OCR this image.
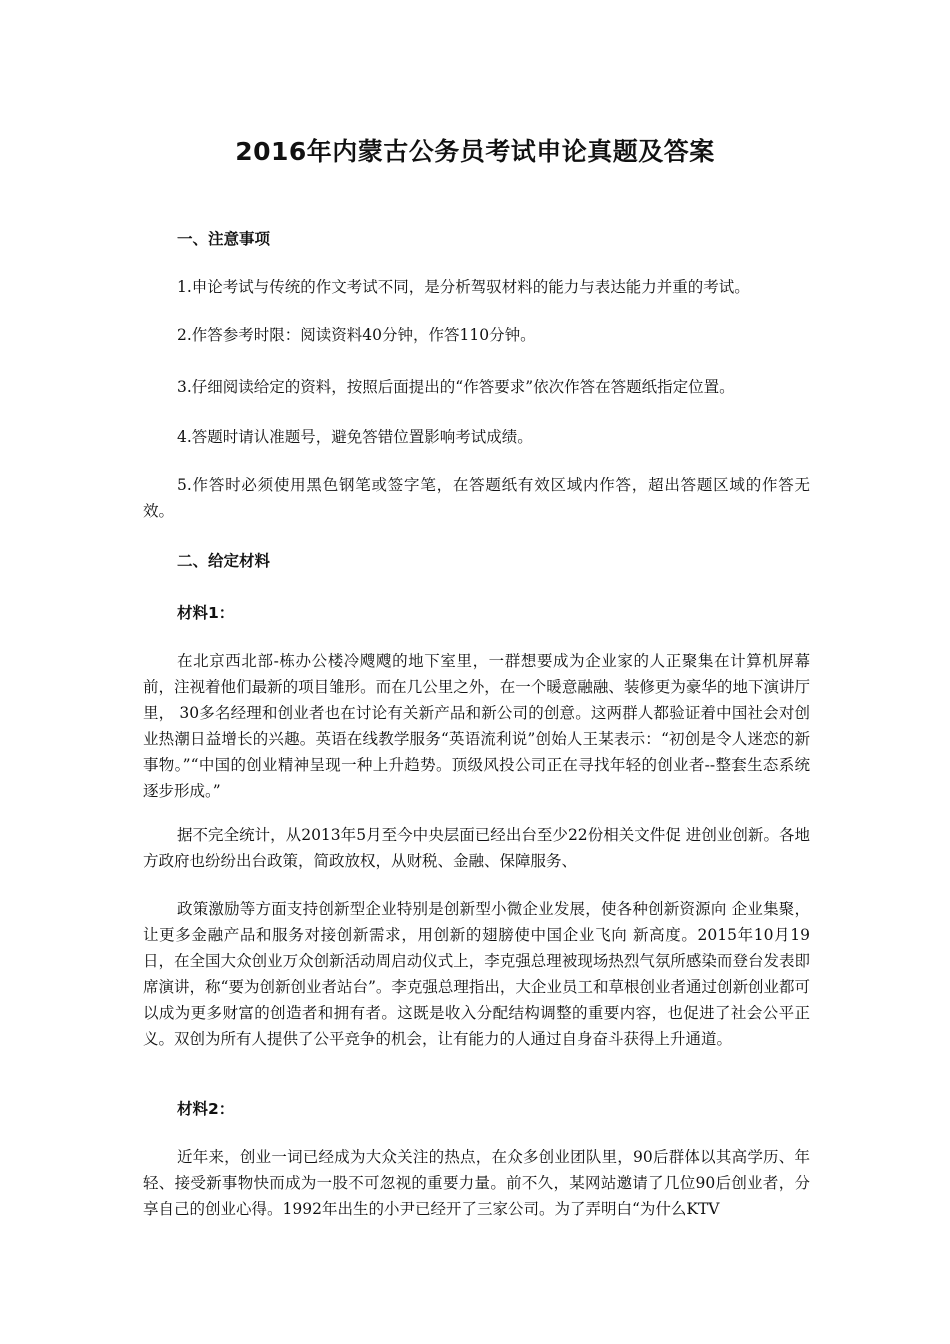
2016年内蒙古公务员考试申论真题及答案
一、注意事项
1.申论考试与传统的作文考试不同，是分析驾驭材料的能力与表达能力并重的考试。
2.作答参考时限：阅读资料40分钟，作答110分钟。
3.仔细阅读给定的资料，按照后面提出的“作答要求”依次作答在答题纸指定位置。
4.答题时请认准题号，避免答错位置影响考试成绩。
5.作答时必须使用黑色钢笔或签字笔，在答题纸有效区域内作答，超出答题区域的作答无效。
二、给定材料
材料1：
在北京西北部-栋办公楼冷飕飕的地下室里，一群想要成为企业家的人正聚集在计算机屏幕前，注视着他们最新的项目雏形。而在几公里之外，在一个暖意融融、装修更为豪华的地下演讲厅里， 30多名经理和创业者也在讨论有关新产品和新公司的创意。这两群人都验证着中国社会对创业热潮日益增长的兴趣。英语在线教学服务“英语流利说”创始人王某表示：“初创是令人迷恋的新事物。”“中国的创业精神呈现一种上升趋势。顶级风投公司正在寻找年轻的创业者--整套生态系统逐步形成。”
据不完全统计，从2013年5月至今中央层面已经出台至少22份相关文件促 进创业创新。各地方政府也纷纷出台政策，简政放权，从财税、金融、保障服务、
政策激励等方面支持创新型企业特别是创新型小微企业发展，使各种创新资源向 企业集聚，让更多金融产品和服务对接创新需求，用创新的翅膀使中国企业飞向 新高度。2015年10月19日，在全国大众创业万众创新活动周启动仪式上，李克强总理被现场热烈气氛所感染而登台发表即席演讲，称“要为创新创业者站台”。李克强总理指出，大企业员工和草根创业者通过创新创业都可以成为更多财富的创造者和拥有者。这既是收入分配结构调整的重要内容，也促进了社会公平正义。双创为所有人提供了公平竞争的机会，让有能力的人通过自身奋斗获得上升通道。
材料2：
近年来，创业一词已经成为大众关注的热点，在众多创业团队里，90后群体以其高学历、年轻、接受新事物快而成为一股不可忽视的重要力量。前不久，某网站邀请了几位90后创业者，分享自己的创业心得。1992年出生的小尹已经开了三家公司。为了弄明白“为什么KTV
